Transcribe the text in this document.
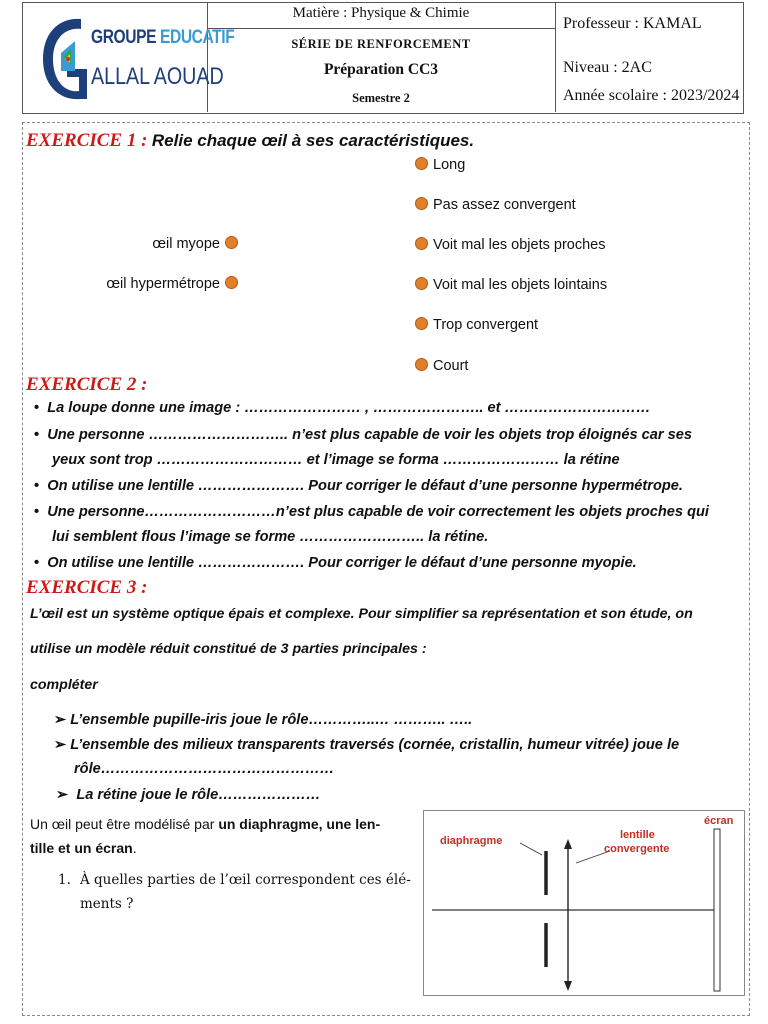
GROUPE EDUCATIF
ALLAL AOUAD
Matière : Physique & Chimie
SÉRIE DE RENFORCEMENT
Préparation CC3
Semestre 2
Professeur : KAMAL
Niveau : 2AC
Année scolaire : 2023/2024
EXERCICE 1 : Relie chaque œil à ses caractéristiques.
Long
Pas assez convergent
Voit mal les objets proches
Voit mal les objets lointains
Trop convergent
Court
œil myope
œil hypermétrope
EXERCICE 2 :
• La loupe donne une image : …………………… , ………………….. et …………………………
• Une personne ……………………….. n’est plus capable de voir les objets trop éloignés car ses
yeux sont trop ………………………… et l’image se forma …………………… la rétine
• On utilise une lentille …………………. Pour corriger le défaut d’une personne hypermétrope.
• Une personne………………………n’est plus capable de voir correctement les objets proches qui
lui semblent flous l’image se forme …………………….. la rétine.
• On utilise une lentille …………………. Pour corriger le défaut d’une personne myopie.
EXERCICE 3 :
L’œil est un système optique épais et complexe. Pour simplifier sa représentation et son étude, on
utilise un modèle réduit constitué de 3 parties principales :
compléter
➢ L’ensemble pupille-iris joue le rôle…………..… ……….. …..
➢ L’ensemble des milieux transparents traversés (cornée, cristallin, humeur vitrée) joue le
rôle…………………………………………
➢ La rétine joue le rôle…………………
Un œil peut être modélisé par un diaphragme, une len-
tille et un écran.
1. À quelles parties de l’œil correspondent ces élé-
ments ?
diaphragme	lentille
convergente
écran
